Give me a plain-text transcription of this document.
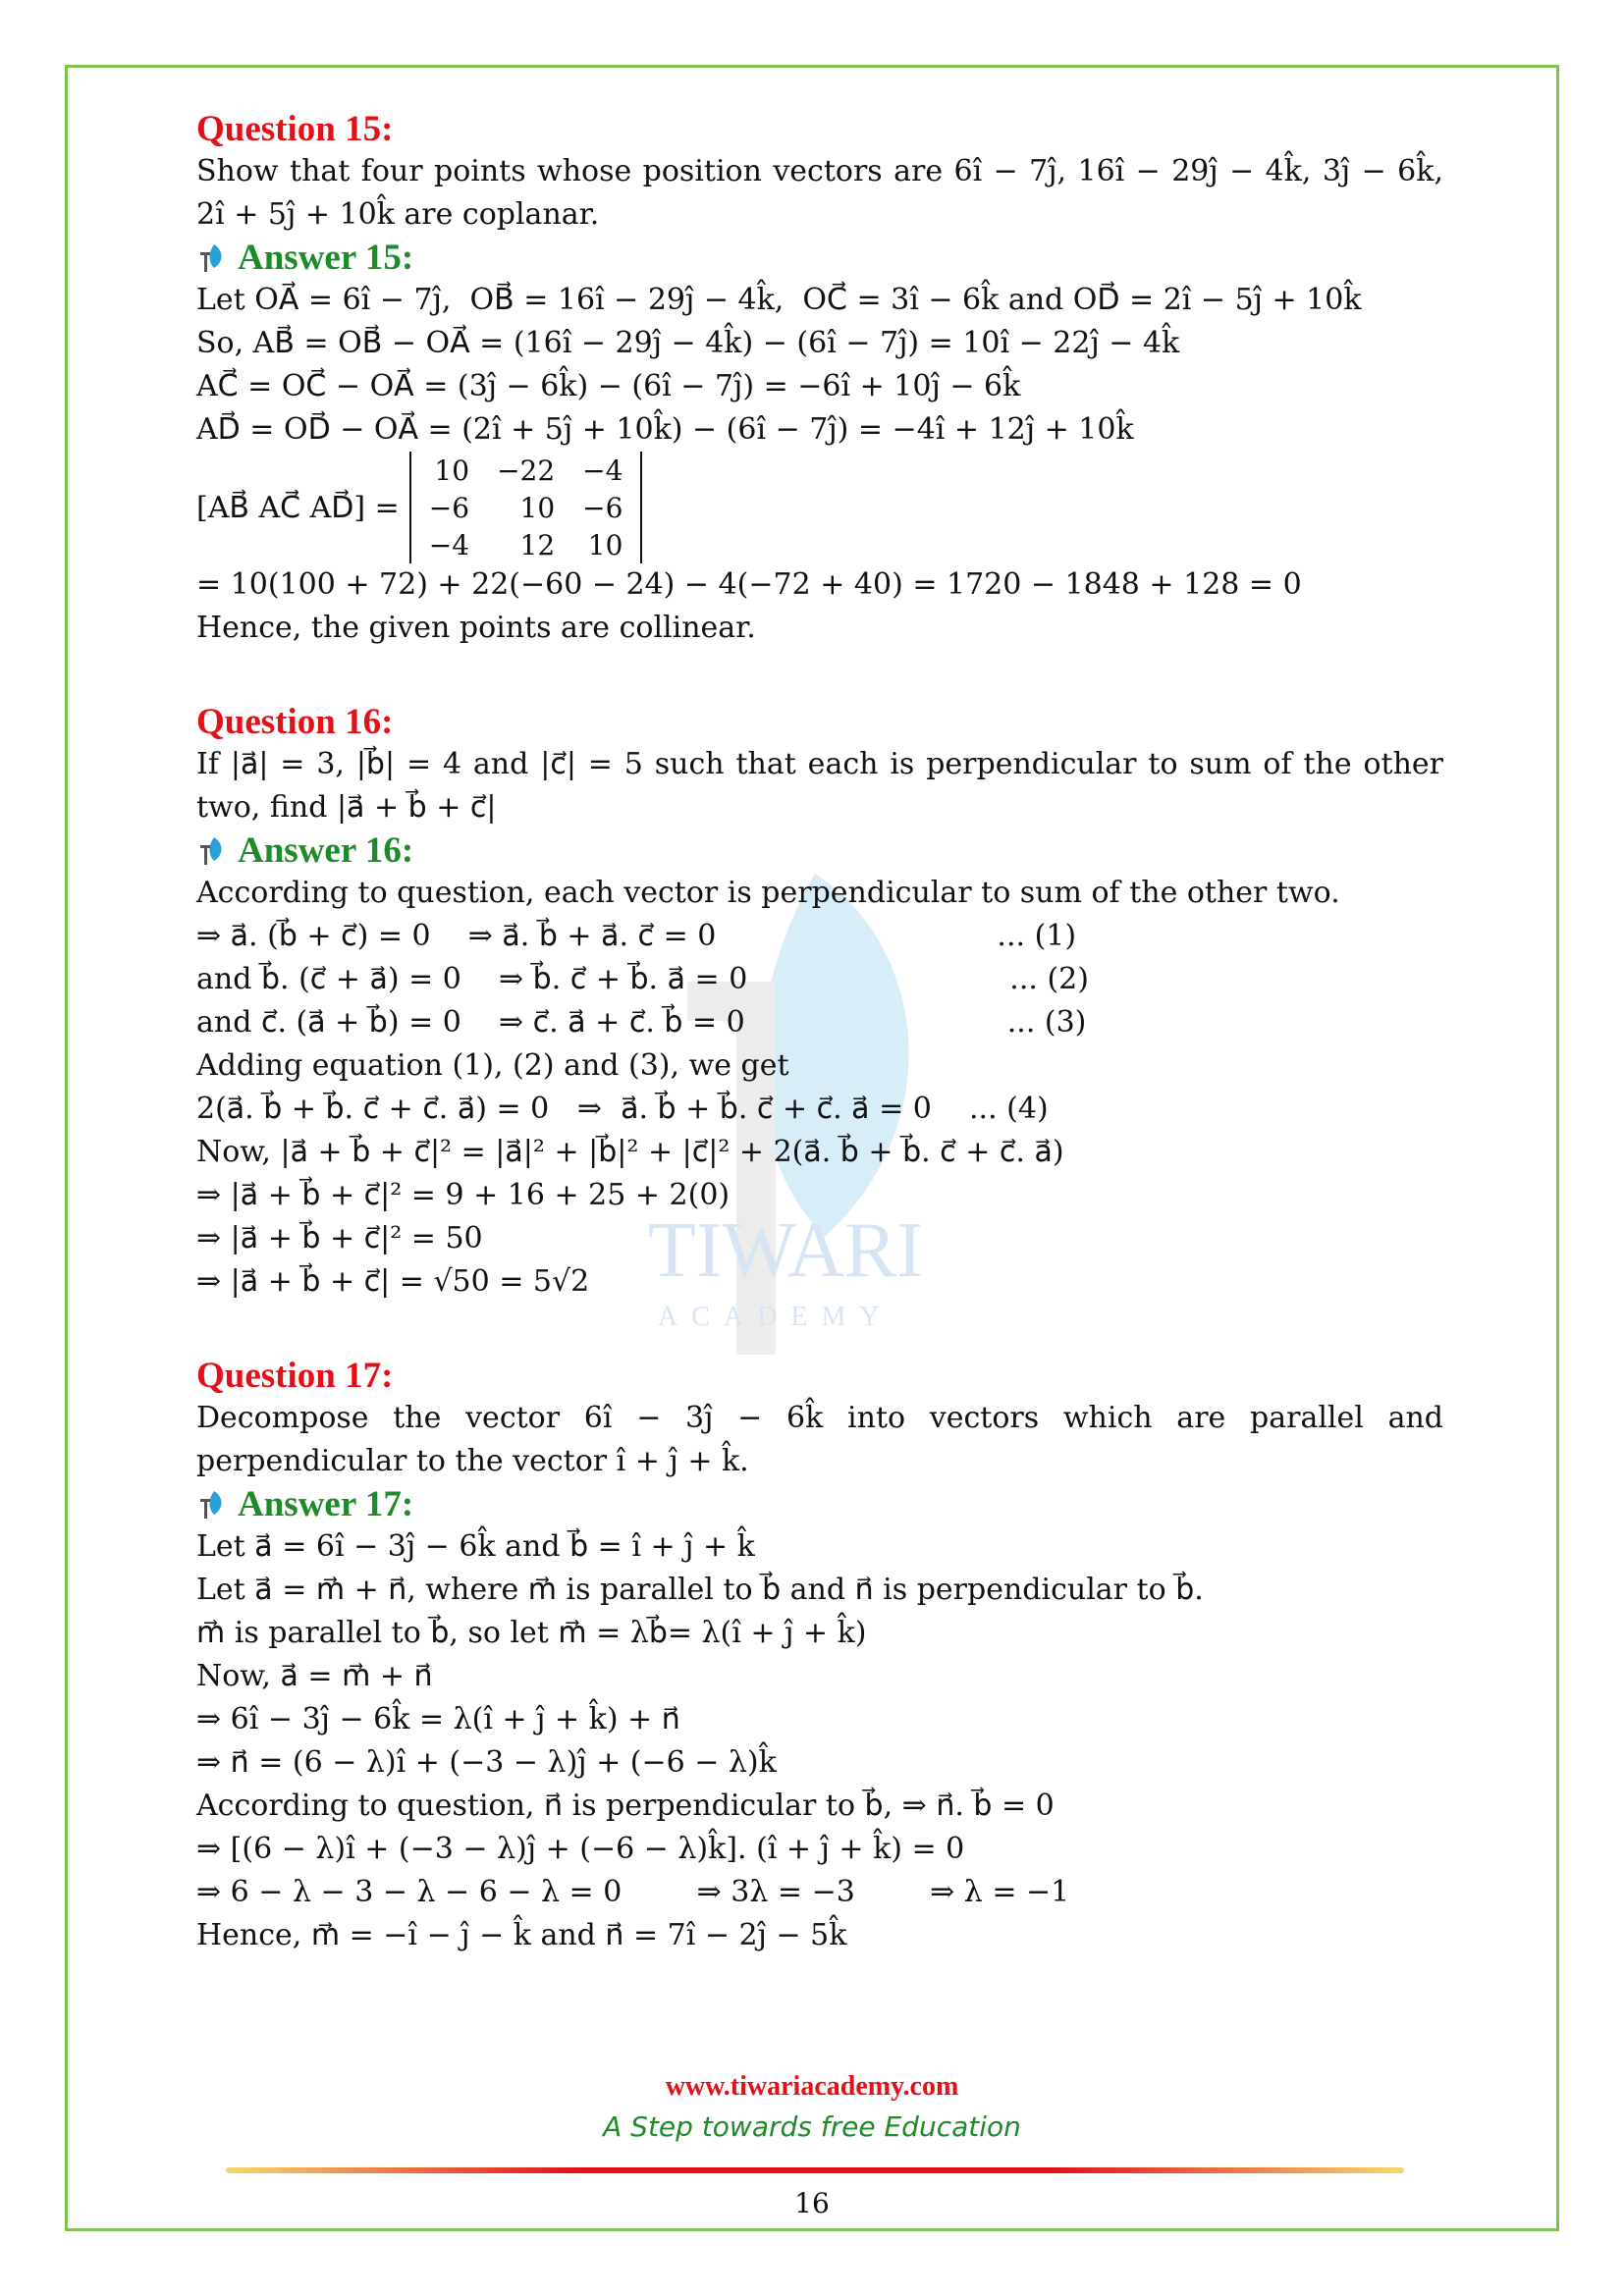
TIWARI
ACADEMY
Question 15:
Show that four points whose position vectors are 6î − 7ĵ, 16î − 29ĵ − 4k̂, 3ĵ − 6k̂, 2î + 5ĵ + 10k̂ are coplanar.
Answer 15:
Let OA⃗ = 6î − 7ĵ,  OB⃗ = 16î − 29ĵ − 4k̂,  OC⃗ = 3î − 6k̂ and OD⃗ = 2î − 5ĵ + 10k̂
So, AB⃗ = OB⃗ − OA⃗ = (16î − 29ĵ − 4k̂) − (6î − 7ĵ) = 10î − 22ĵ − 4k̂
AC⃗ = OC⃗ − OA⃗ = (3ĵ − 6k̂) − (6î − 7ĵ) = −6î + 10ĵ − 6k̂
AD⃗ = OD⃗ − OA⃗ = (2î + 5ĵ + 10k̂) − (6î − 7ĵ) = −4î + 12ĵ + 10k̂
[AB⃗ AC⃗ AD⃗] =
10	−22	−4
−6	10	−6
−4	12	10
= 10(100 + 72) + 22(−60 − 24) − 4(−72 + 40) = 1720 − 1848 + 128 = 0
Hence, the given points are collinear.
Question 16:
If |a⃗| = 3, |b⃗| = 4 and |c⃗| = 5 such that each is perpendicular to sum of the other two, find |a⃗ + b⃗ + c⃗|
Answer 16:
According to question, each vector is perpendicular to sum of the other two.
⇒ a⃗. (b⃗ + c⃗) = 0    ⇒ a⃗. b⃗ + a⃗. c⃗ = 0                              ... (1)
and b⃗. (c⃗ + a⃗) = 0    ⇒ b⃗. c⃗ + b⃗. a⃗ = 0                            ... (2)
and c⃗. (a⃗ + b⃗) = 0    ⇒ c⃗. a⃗ + c⃗. b⃗ = 0                            ... (3)
Adding equation (1), (2) and (3), we get
2(a⃗. b⃗ + b⃗. c⃗ + c⃗. a⃗) = 0   ⇒  a⃗. b⃗ + b⃗. c⃗ + c⃗. a⃗ = 0    ... (4)
Now, |a⃗ + b⃗ + c⃗|² = |a⃗|² + |b⃗|² + |c⃗|² + 2(a⃗. b⃗ + b⃗. c⃗ + c⃗. a⃗)
⇒ |a⃗ + b⃗ + c⃗|² = 9 + 16 + 25 + 2(0)
⇒ |a⃗ + b⃗ + c⃗|² = 50
⇒ |a⃗ + b⃗ + c⃗| = √50 = 5√2
Question 17:
Decompose the vector 6î − 3ĵ − 6k̂ into vectors which are parallel and perpendicular to the vector î + ĵ + k̂.
Answer 17:
Let a⃗ = 6î − 3ĵ − 6k̂ and b⃗ = î + ĵ + k̂
Let a⃗ = m⃗ + n⃗, where m⃗ is parallel to b⃗ and n⃗ is perpendicular to b⃗.
m⃗ is parallel to b⃗, so let m⃗ = λb⃗= λ(î + ĵ + k̂)
Now, a⃗ = m⃗ + n⃗
⇒ 6î − 3ĵ − 6k̂ = λ(î + ĵ + k̂) + n⃗
⇒ n⃗ = (6 − λ)î + (−3 − λ)ĵ + (−6 − λ)k̂
According to question, n⃗ is perpendicular to b⃗, ⇒ n⃗. b⃗ = 0
⇒ [(6 − λ)î + (−3 − λ)ĵ + (−6 − λ)k̂]. (î + ĵ + k̂) = 0
⇒ 6 − λ − 3 − λ − 6 − λ = 0        ⇒ 3λ = −3        ⇒ λ = −1
Hence, m⃗ = −î − ĵ − k̂ and n⃗ = 7î − 2ĵ − 5k̂
www.tiwariacademy.com
A Step towards free Education
16
